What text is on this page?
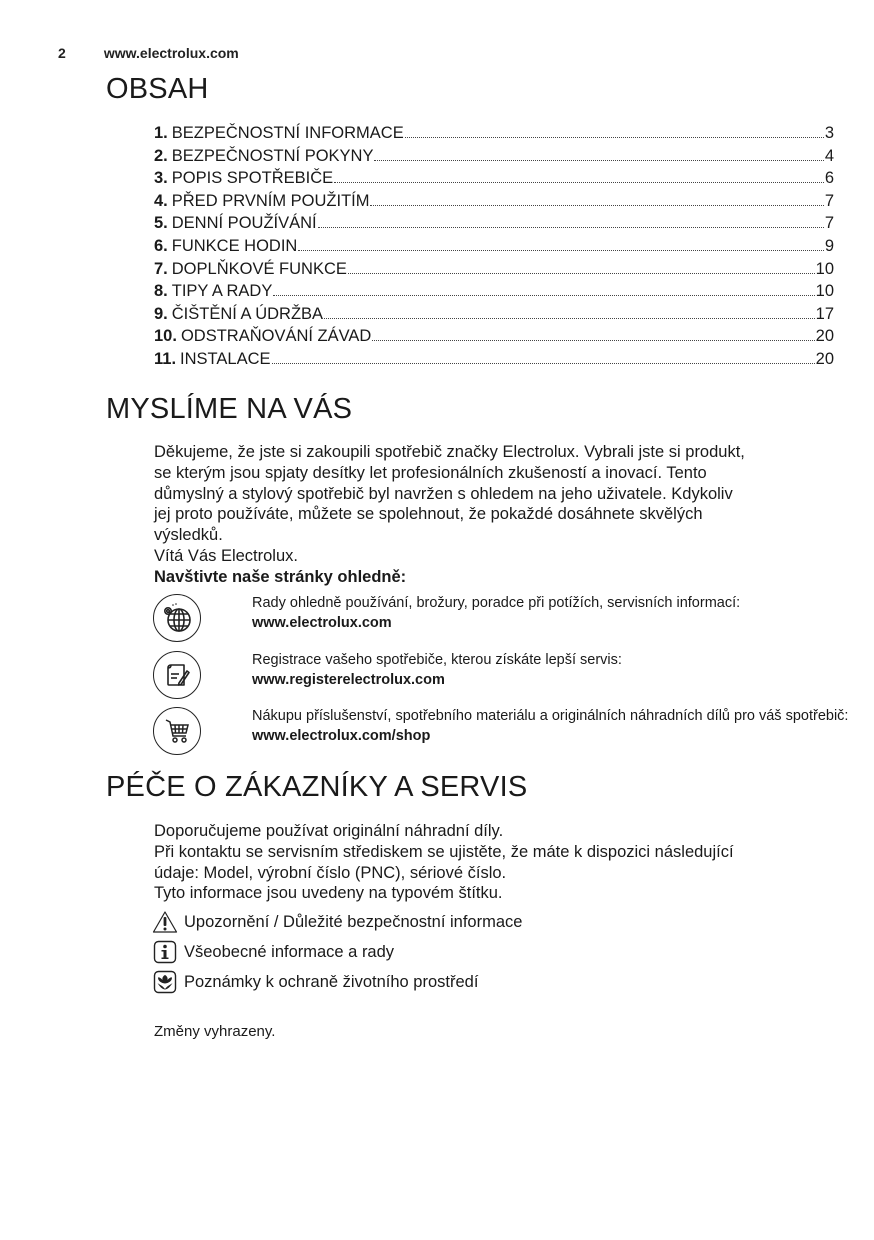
2	www.electrolux.com
OBSAH
1. BEZPEČNOSTNÍ INFORMACE	3
2. BEZPEČNOSTNÍ POKYNY	4
3. POPIS SPOTŘEBIČE	6
4. PŘED PRVNÍM POUŽITÍM	7
5. DENNÍ POUŽÍVÁNÍ	7
6. FUNKCE HODIN	9
7. DOPLŇKOVÉ FUNKCE	10
8. TIPY A RADY	10
9. ČIŠTĚNÍ A ÚDRŽBA	17
10. ODSTRAŇOVÁNÍ ZÁVAD	20
11. INSTALACE	20
MYSLÍME NA VÁS
Děkujeme, že jste si zakoupili spotřebič značky Electrolux. Vybrali jste si produkt,
se kterým jsou spjaty desítky let profesionálních zkušeností a inovací. Tento
důmyslný a stylový spotřebič byl navržen s ohledem na jeho uživatele. Kdykoliv
jej proto používáte, můžete se spolehnout, že pokaždé dosáhnete skvělých
výsledků.
Vítá Vás Electrolux.
Navštivte naše stránky ohledně:
Rady ohledně používání, brožury, poradce při potížích, servisních informací:
www.electrolux.com
Registrace vašeho spotřebiče, kterou získáte lepší servis:
www.registerelectrolux.com
Nákupu příslušenství, spotřebního materiálu a originálních náhradních dílů pro váš spotřebič:
www.electrolux.com/shop
PÉČE O ZÁKAZNÍKY A SERVIS
Doporučujeme používat originální náhradní díly.
Při kontaktu se servisním střediskem se ujistěte, že máte k dispozici následující
údaje: Model, výrobní číslo (PNC), sériové číslo.
Tyto informace jsou uvedeny na typovém štítku.
Upozornění / Důležité bezpečnostní informace
Všeobecné informace a rady
Poznámky k ochraně životního prostředí
Změny vyhrazeny.
